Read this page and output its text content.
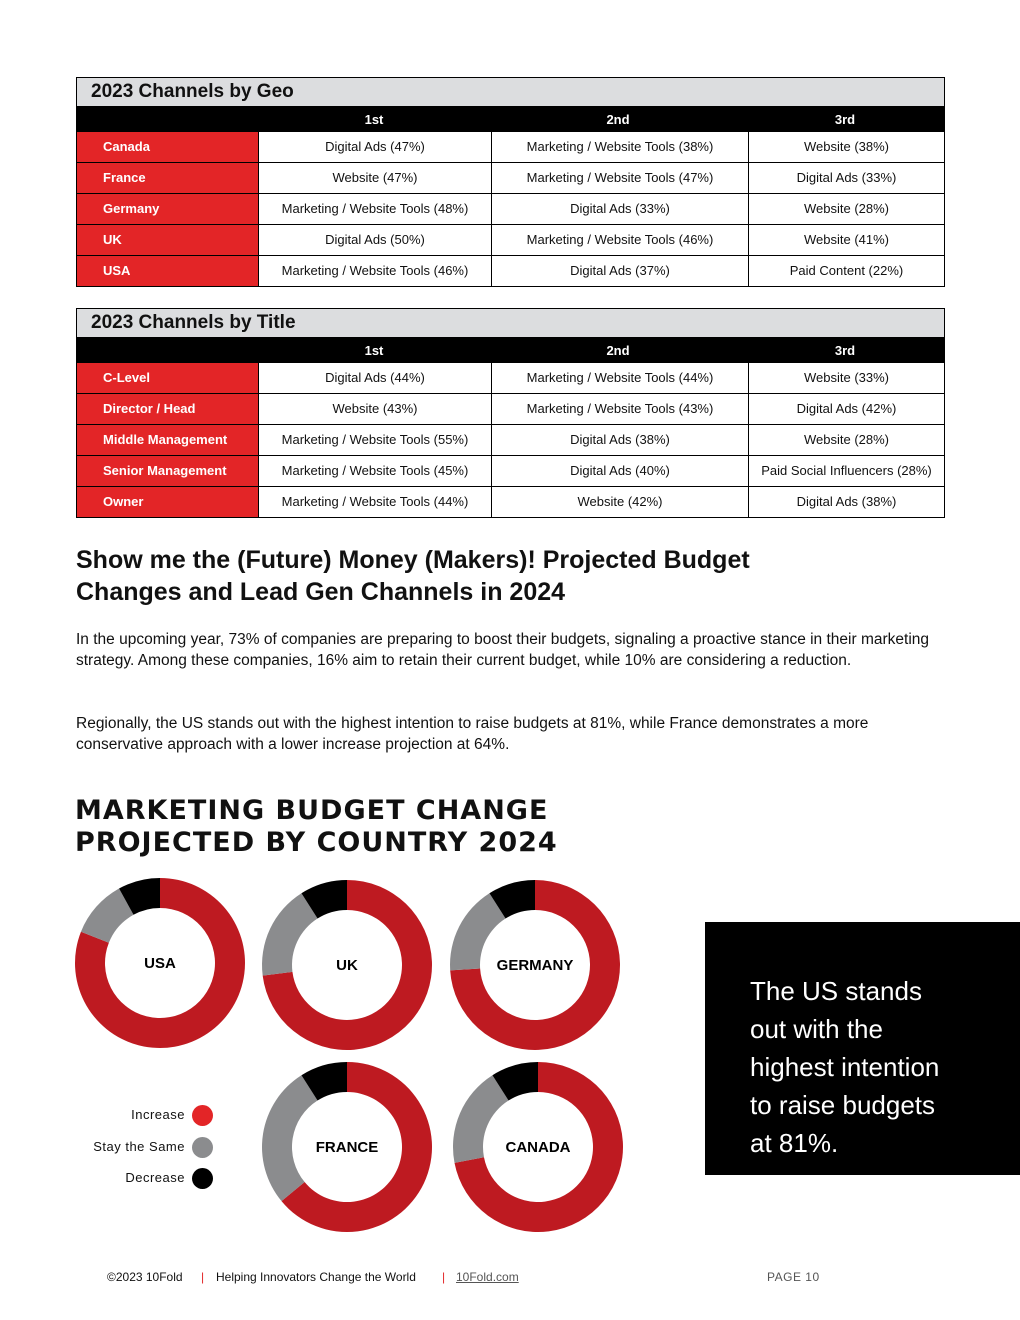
2023 Channels by Geo
1st	2nd	3rd
Canada	Digital Ads (47%)	Marketing / Website Tools (38%)	Website (38%)
France	Website (47%)	Marketing / Website Tools (47%)	Digital Ads (33%)
Germany	Marketing / Website Tools (48%)	Digital Ads (33%)	Website (28%)
UK	Digital Ads (50%)	Marketing / Website Tools (46%)	Website (41%)
USA	Marketing / Website Tools (46%)	Digital Ads (37%)	Paid Content (22%)
2023 Channels by Title
1st	2nd	3rd
C-Level	Digital Ads (44%)	Marketing / Website Tools (44%)	Website (33%)
Director / Head	Website (43%)	Marketing / Website Tools (43%)	Digital Ads (42%)
Middle Management	Marketing / Website Tools (55%)	Digital Ads (38%)	Website (28%)
Senior Management	Marketing / Website Tools (45%)	Digital Ads (40%)	Paid Social Influencers (28%)
Owner	Marketing / Website Tools (44%)	Website (42%)	Digital Ads (38%)
Show me the (Future) Money (Makers)! Projected Budget Changes and Lead Gen Channels in 2024

In the upcoming year, 73% of companies are preparing to boost their budgets, signaling a proactive stance in their marketing strategy. Among these companies, 16% aim to retain their current budget, while 10% are considering a reduction.

Regionally, the US stands out with the highest intention to raise budgets at 81%, while France demonstrates a more conservative approach with a lower increase projection at 64%.

MARKETING BUDGET CHANGE PROJECTED BY COUNTRY 2024
USA	UK	GERMANY
FRANCE	CANADA
Increase
Stay the Same
Decrease
The US stands out with the highest intention to raise budgets at 81%.
©2023 10Fold | Helping Innovators Change the World | 10Fold.com	PAGE 10
